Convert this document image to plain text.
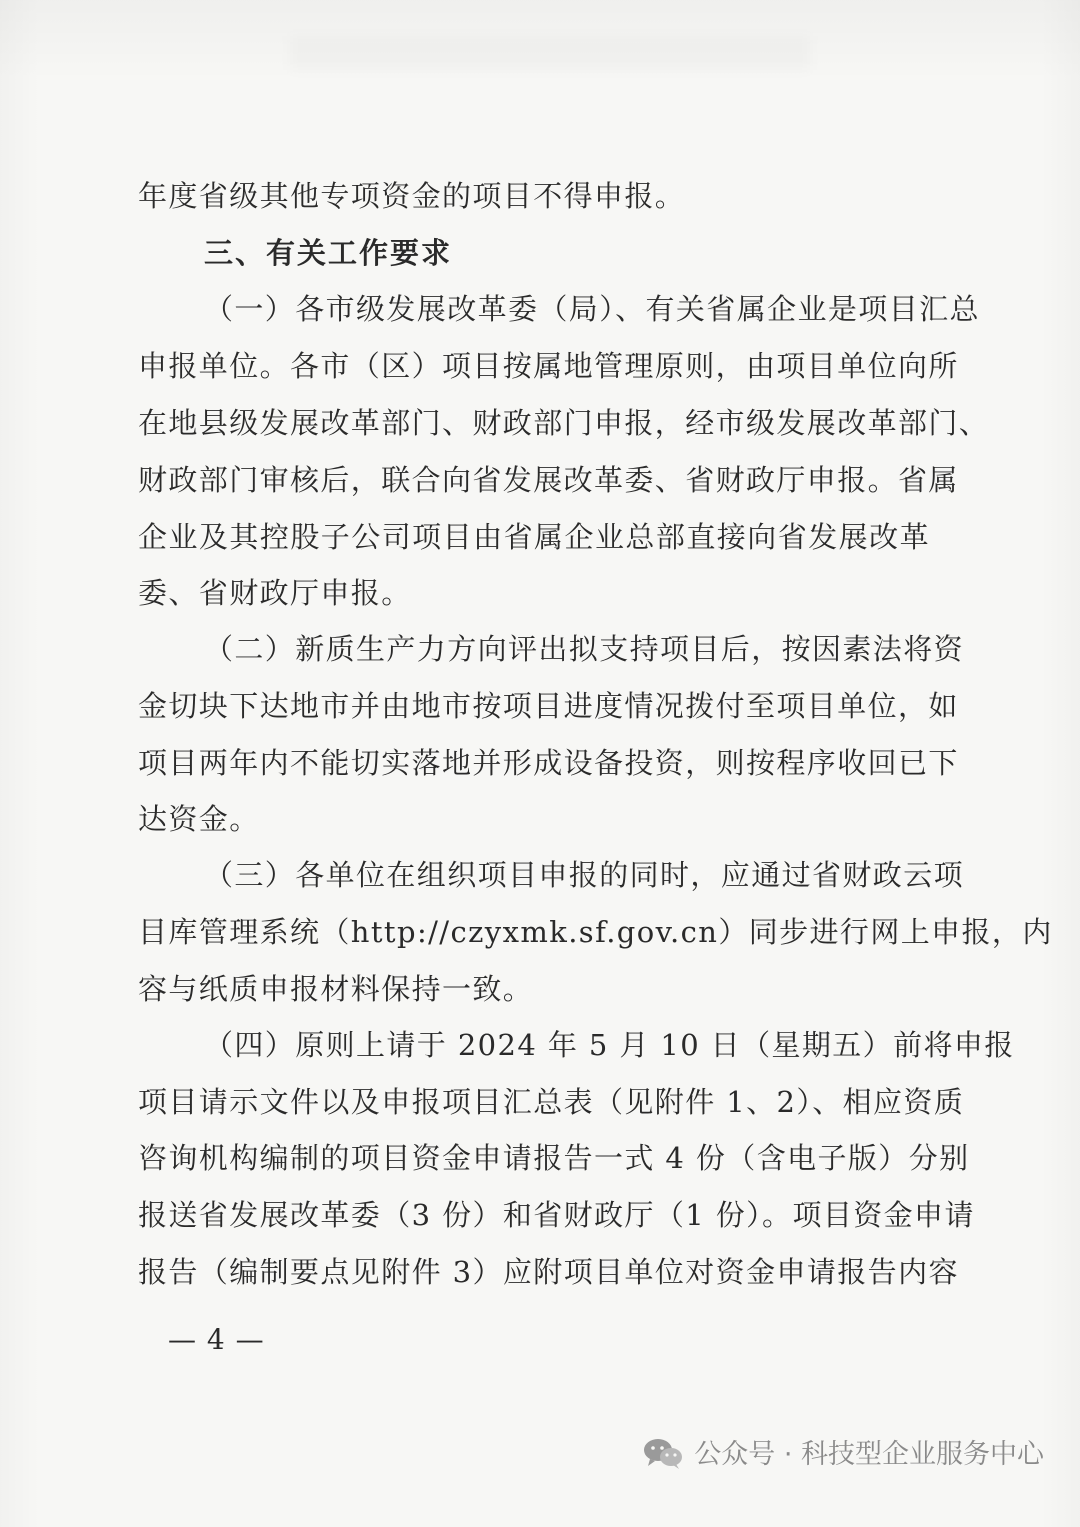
年度省级其他专项资金的项目不得申报。
三、有关工作要求
（一）各市级发展改革委（局）、有关省属企业是项目汇总
申报单位。各市（区）项目按属地管理原则，由项目单位向所
在地县级发展改革部门、财政部门申报，经市级发展改革部门、
财政部门审核后，联合向省发展改革委、省财政厅申报。省属
企业及其控股子公司项目由省属企业总部直接向省发展改革
委、省财政厅申报。
（二）新质生产力方向评出拟支持项目后，按因素法将资
金切块下达地市并由地市按项目进度情况拨付至项目单位，如
项目两年内不能切实落地并形成设备投资，则按程序收回已下
达资金。
（三）各单位在组织项目申报的同时，应通过省财政云项
目库管理系统（http://czyxmk.sf.gov.cn）同步进行网上申报，内
容与纸质申报材料保持一致。
（四）原则上请于 2024 年 5 月 10 日（星期五）前将申报
项目请示文件以及申报项目汇总表（见附件 1、2）、相应资质
咨询机构编制的项目资金申请报告一式 4 份（含电子版）分别
报送省发展改革委（3 份）和省财政厅（1 份）。项目资金申请
报告（编制要点见附件 3）应附项目单位对资金申请报告内容
— 4 —
公众号 · 科技型企业服务中心
